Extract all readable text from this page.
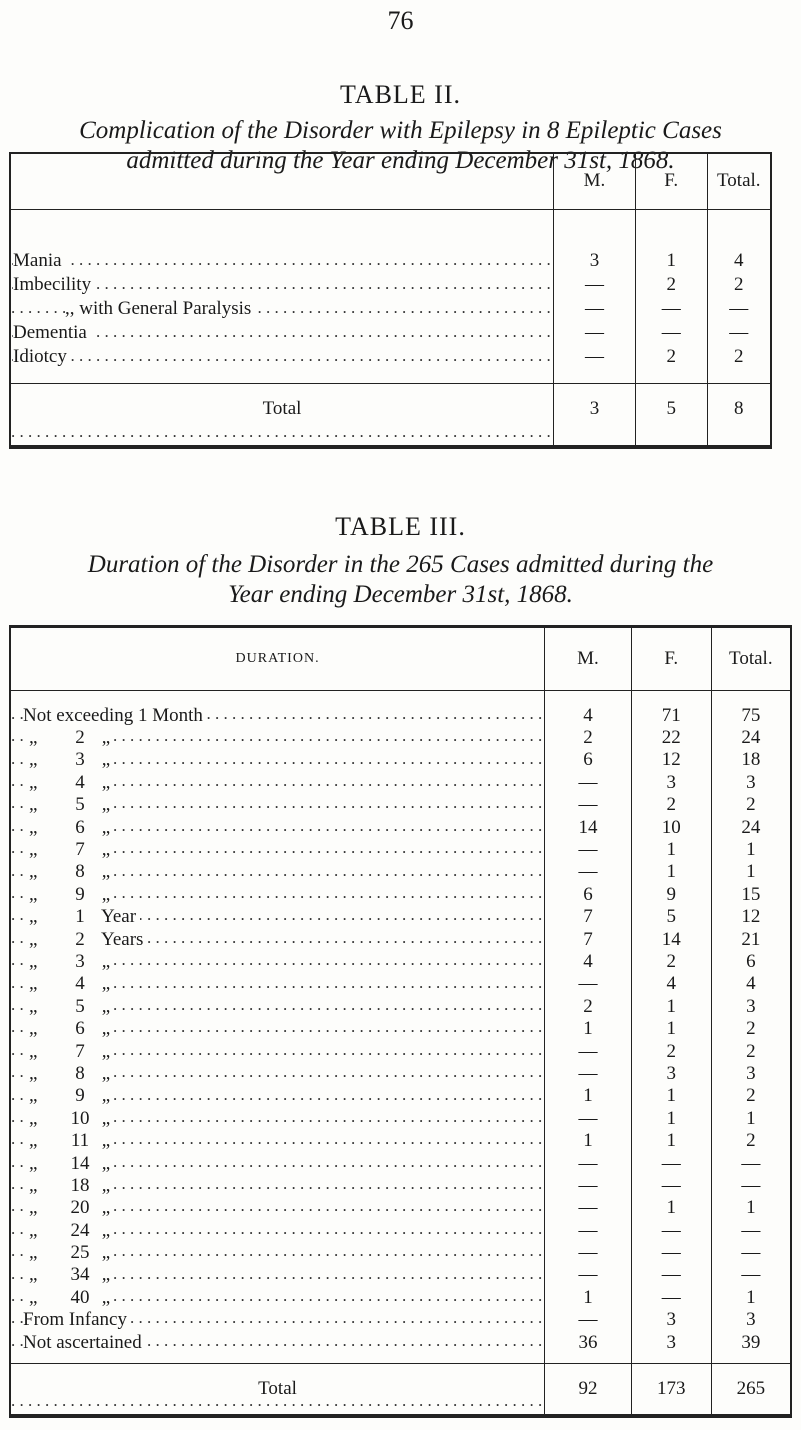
76
TABLE II.
Complication of the Disorder with Epilepsy in 8 Epileptic Cases
admitted during the Year ending December 31st, 1868.
	M.	F.	Total.

Mania . . .	3	1	4
Imbecility . . .	—	2	2
,, with General Paralysis . . .	—	—	—
Dementia . . .	—	—	—
Idiotcy . . .	—	2	2

Total . . .	3	5	8
TABLE III.
Duration of the Disorder in the 265 Cases admitted during the
Year ending December 31st, 1868.
DURATION.	M.	F.	Total.

Not exceeding 1 Month . . .	4	71	75
„ 2 „ . . .	2	22	24
„ 3 „ . . .	6	12	18
„ 4 „ . . .	—	3	3
„ 5 „ . . .	—	2	2
„ 6 „ . . .	14	10	24
„ 7 „ . . .	—	1	1
„ 8 „ . . .	—	1	1
„ 9 „ . . .	6	9	15
„ 1 Year . . .	7	5	12
„ 2 Years . . .	7	14	21
„ 3 „ . . .	4	2	6
„ 4 „ . . .	—	4	4
„ 5 „ . . .	2	1	3
„ 6 „ . . .	1	1	2
„ 7 „ . . .	—	2	2
„ 8 „ . . .	—	3	3
„ 9 „ . . .	1	1	2
„ 10 „ . . .	—	1	1
„ 11 „ . . .	1	1	2
„ 14 „ . . .	—	—	—
„ 18 „ . . .	—	—	—
„ 20 „ . . .	—	1	1
„ 24 „ . . .	—	—	—
„ 25 „ . . .	—	—	—
„ 34 „ . . .	—	—	—
„ 40 „ . . .	1	—	1
From Infancy . . .	—	3	3
Not ascertained . . .	36	3	39

Total . . .	92	173	265
